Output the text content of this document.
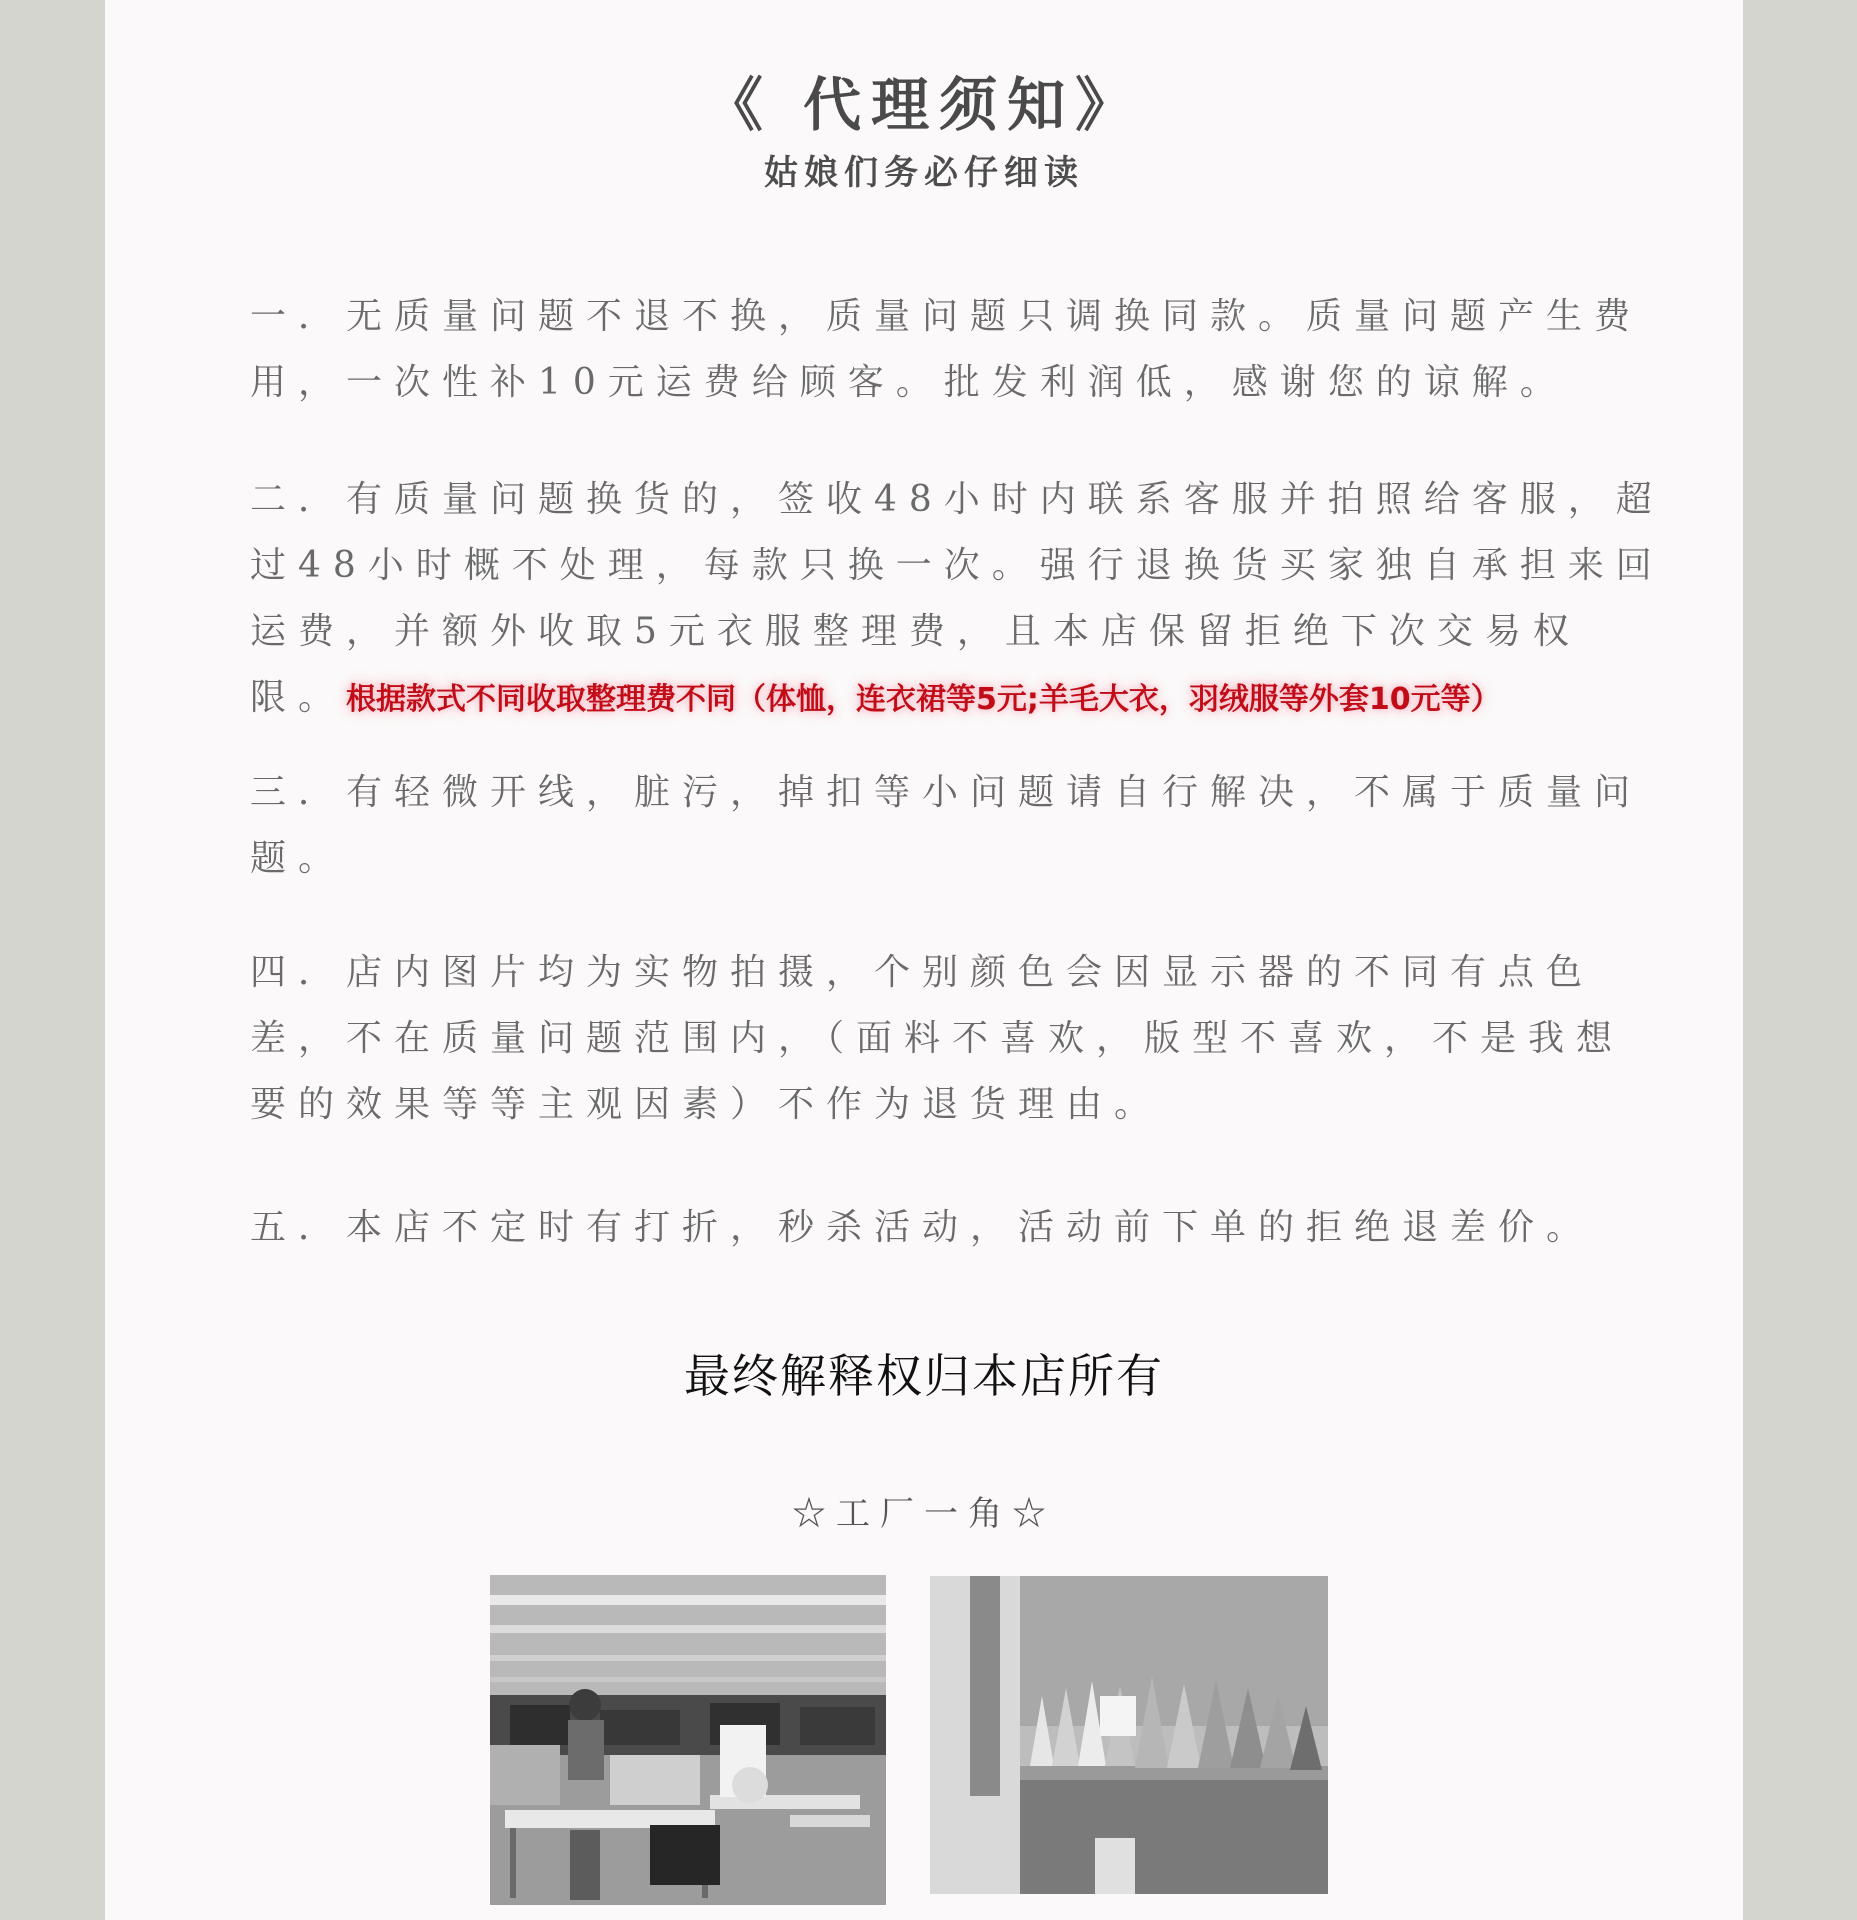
《 代理须知》
姑娘们务必仔细读

一．无质量问题不退不换，质量问题只调换同款。质量问题产生费用，一次性补10元运费给顾客。批发利润低，感谢您的谅解。

二．有质量问题换货的，签收48小时内联系客服并拍照给客服，超过48小时概不处理，每款只换一次。强行退换货买家独自承担来回运费，并额外收取5元衣服整理费，且本店保留拒绝下次交易权限。根据款式不同收取整理费不同（体恤，连衣裙等5元;羊毛大衣，羽绒服等外套10元等）

三．有轻微开线，脏污，掉扣等小问题请自行解决，不属于质量问题。

四．店内图片均为实物拍摄，个别颜色会因显示器的不同有点色差，不在质量问题范围内，（面料不喜欢，版型不喜欢，不是我想要的效果等等主观因素）不作为退货理由。

五．本店不定时有打折，秒杀活动，活动前下单的拒绝退差价。

最终解释权归本店所有
☆工厂一角☆
